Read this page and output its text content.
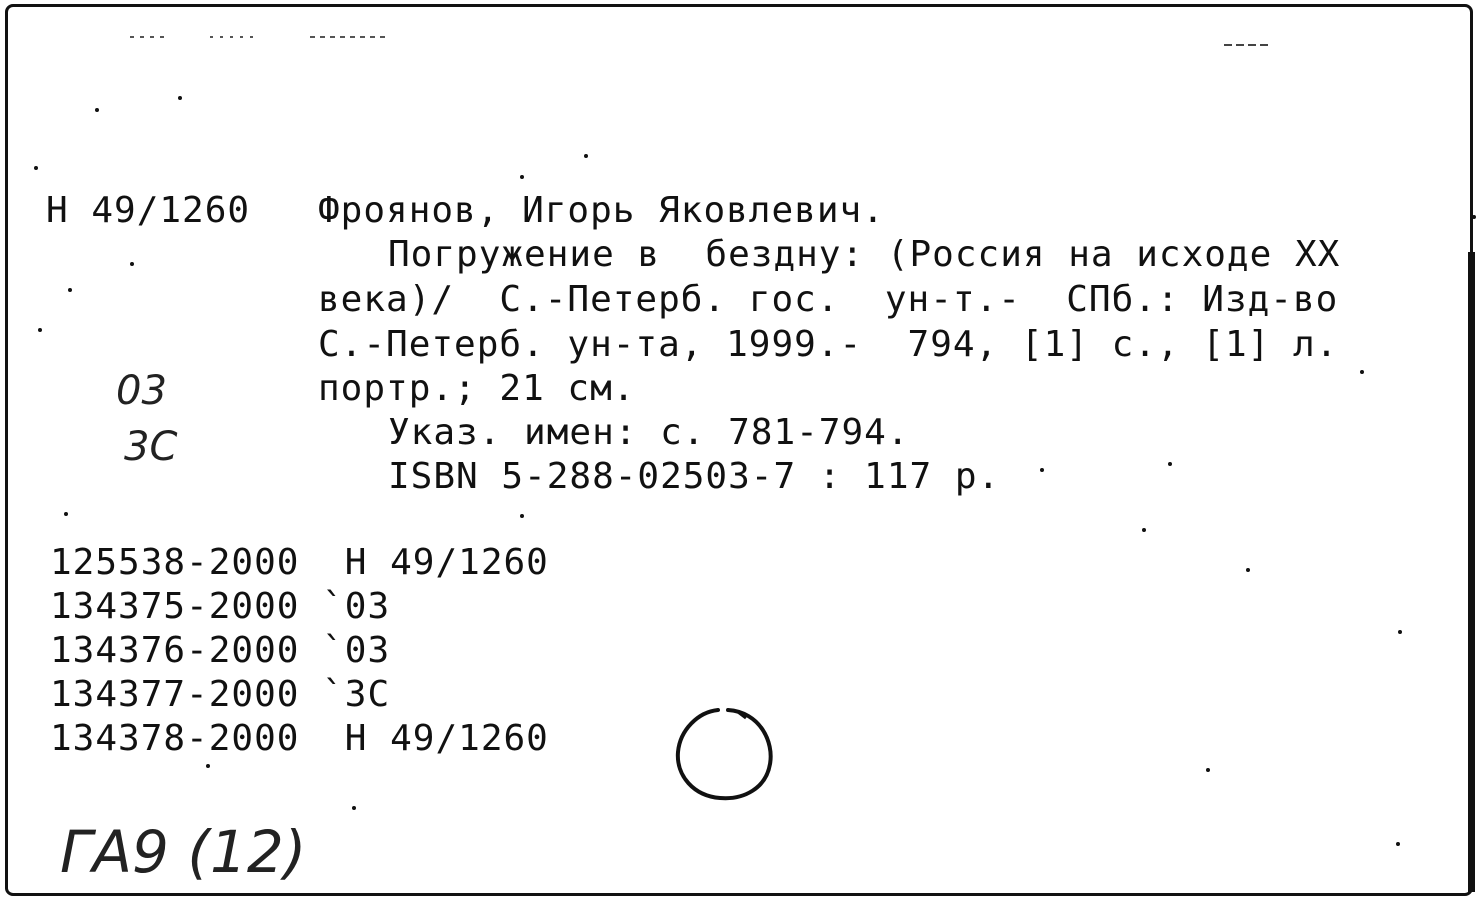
Н 49/1260 Фроянов, Игорь Яковлевич.
Погружение в  бездну: (Россия на исходе XX
века)/  С.-Петерб. гос.  ун-т.-  СПб.: Изд-во
С.-Петерб. ун-та, 1999.-  794, [1] с., [1] л.
портр.; 21 см.
Указ. имен: с. 781-794.
ISBN 5-288-02503-7 : 117 р.
03
3С
ГА9 (12)
125538-2000 Н 49/1260
134375-2000 `03
134376-2000 `03
134377-2000 `3С
134378-2000 Н 49/1260
